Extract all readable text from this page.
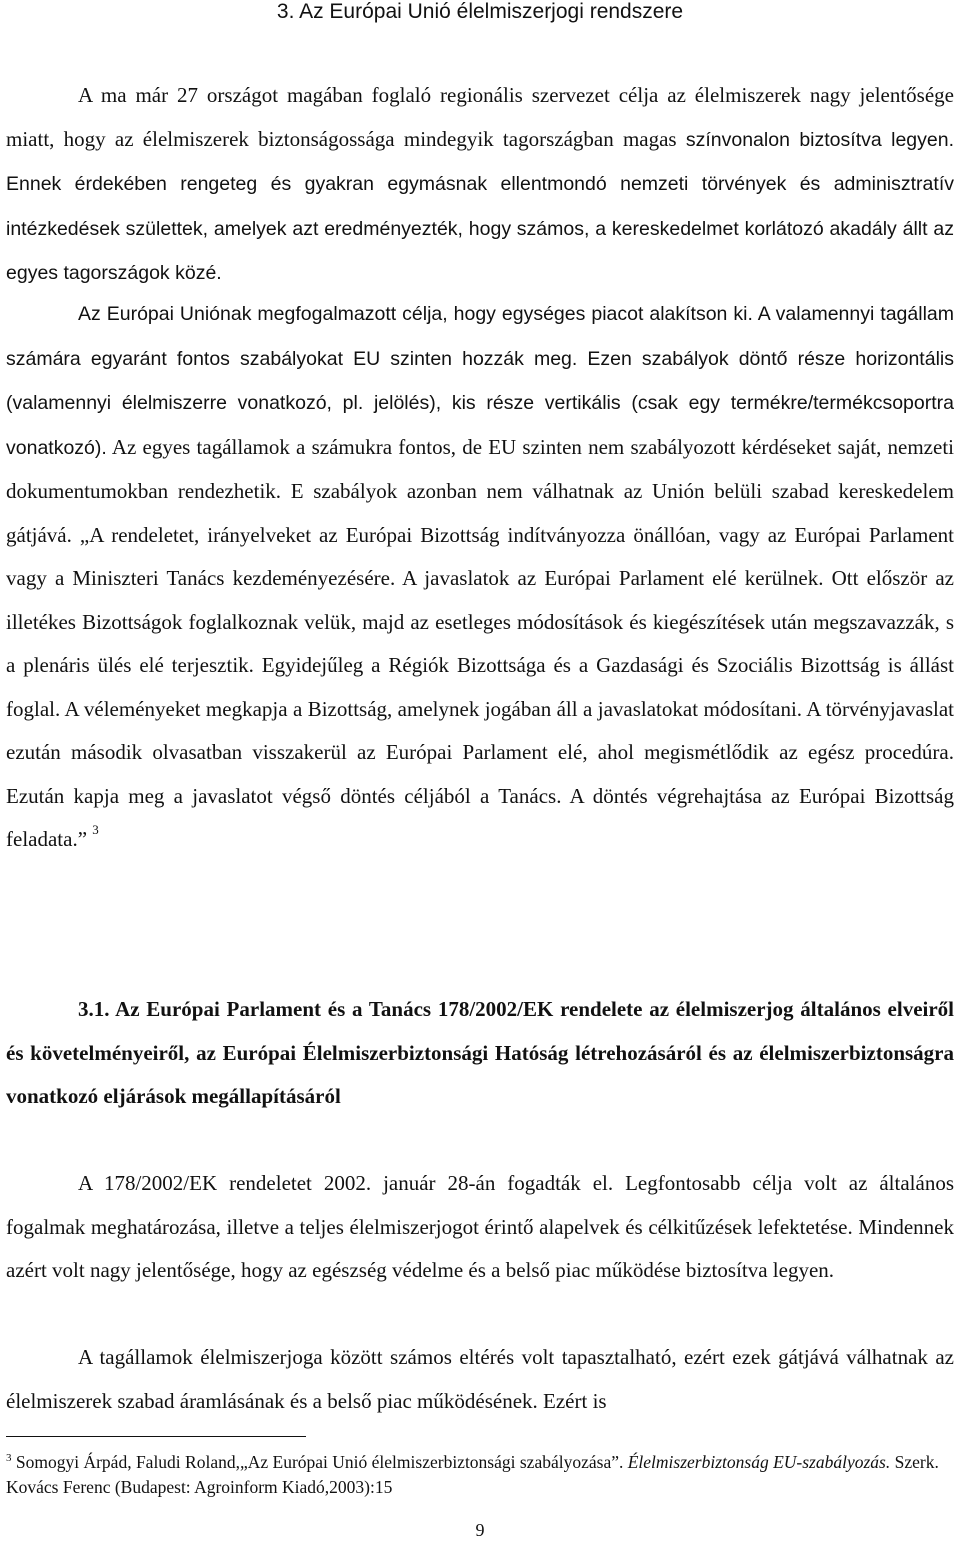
3. Az Európai Unió élelmiszerjogi rendszere

A ma már 27 országot magában foglaló regionális szervezet célja az élelmiszerek nagy jelentősége miatt, hogy az élelmiszerek biztonságossága mindegyik tagországban magas színvonalon biztosítva legyen. Ennek érdekében rengeteg és gyakran egymásnak ellentmondó nemzeti törvények és adminisztratív intézkedések születtek, amelyek azt eredményezték, hogy számos, a kereskedelmet korlátozó akadály állt az egyes tagországok közé.

Az Európai Uniónak megfogalmazott célja, hogy egységes piacot alakítson ki. A valamennyi tagállam számára egyaránt fontos szabályokat EU szinten hozzák meg. Ezen szabályok döntő része horizontális (valamennyi élelmiszerre vonatkozó, pl. jelölés), kis része vertikális (csak egy termékre/termékcsoportra vonatkozó). Az egyes tagállamok a számukra fontos, de EU szinten nem szabályozott kérdéseket saját, nemzeti dokumentumokban rendezhetik. E szabályok azonban nem válhatnak az Unión belüli szabad kereskedelem gátjává. „A rendeletet, irányelveket az Európai Bizottság indítványozza önállóan, vagy az Európai Parlament vagy a Miniszteri Tanács kezdeményezésére. A javaslatok az Európai Parlament elé kerülnek. Ott először az illetékes Bizottságok foglalkoznak velük, majd az esetleges módosítások és kiegészítések után megszavazzák, s a plenáris ülés elé terjesztik. Egyidejűleg a Régiók Bizottsága és a Gazdasági és Szociális Bizottság is állást foglal. A véleményeket megkapja a Bizottság, amelynek jogában áll a javaslatokat módosítani. A törvényjavaslat ezután második olvasatban visszakerül az Európai Parlament elé, ahol megismétlődik az egész procedúra. Ezután kapja meg a javaslatot végső döntés céljából a Tanács. A döntés végrehajtása az Európai Bizottság feladata.” $^3$

3.1. Az Európai Parlament és a Tanács 178/2002/EK rendelete az élelmiszerjog általános elveiről és követelményeiről, az Európai Élelmiszerbiztonsági Hatóság létrehozásáról és az élelmiszerbiztonságra vonatkozó eljárások megállapításáról

A 178/2002/EK rendeletet 2002. január 28-án fogadták el. Legfontosabb célja volt az általános fogalmak meghatározása, illetve a teljes élelmiszerjogot érintő alapelvek és célkitűzések lefektetése. Mindennek azért volt nagy jelentősége, hogy az egészség védelme és a belső piac működése biztosítva legyen.

A tagállamok élelmiszerjoga között számos eltérés volt tapasztalható, ezért ezek gátjává válhatnak az élelmiszerek szabad áramlásának és a belső piac működésének. Ezért is

$^3$ Somogyi Árpád, Faludi Roland,„Az Európai Unió élelmiszerbiztonsági szabályozása”. Élelmiszerbiztonság EU-szabályozás. Szerk. Kovács Ferenc (Budapest: Agroinform Kiadó,2003):15

9
